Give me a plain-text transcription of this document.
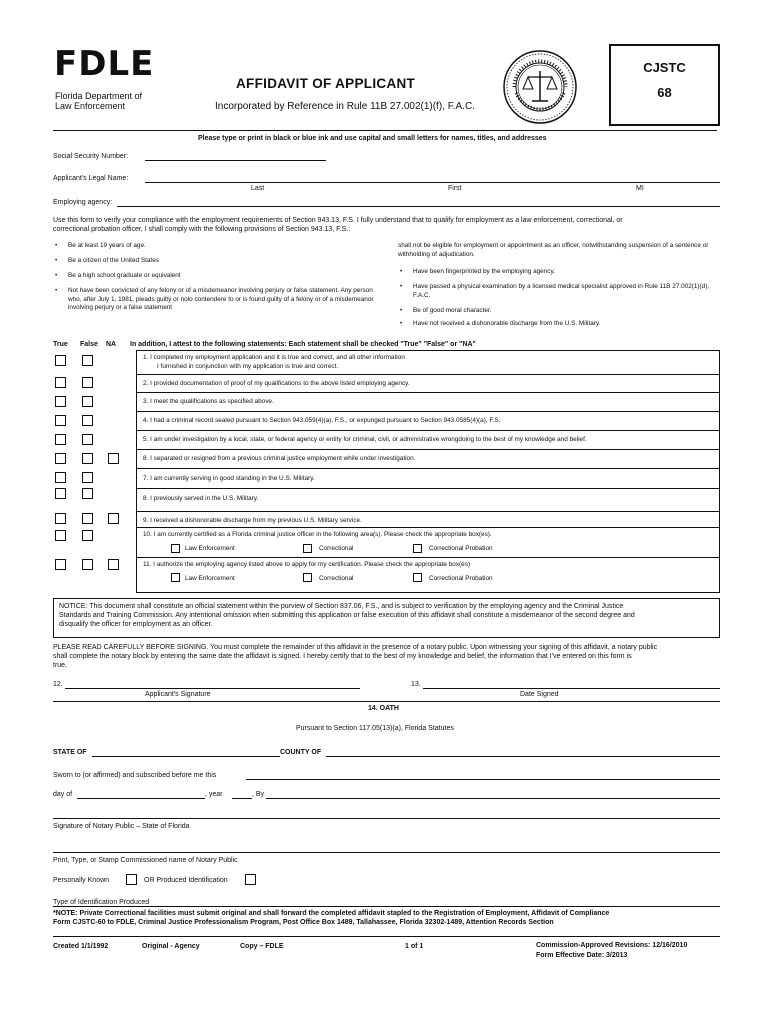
FDLE
Florida Department of
Law Enforcement
AFFIDAVIT OF APPLICANT
Incorporated by Reference in Rule 11B 27.002(1)(f), F.A.C.
CJSTC
68
Please type or print in black or blue ink and use capital and small letters for names, titles, and addresses
Social Security Number:
Applicant's Legal Name:
Last	First	MI
Employing agency:
Use this form to verify your compliance with the employment requirements of Section 943.13, F.S. I fully understand that to qualify for employment as a law enforcement, correctional, or
correctional probation officer, I shall comply with the following provisions of Section 943.13, F.S.:
• Be at least 19 years of age.
• Be a citizen of the United States
• Be a high school graduate or equivalent
• Not have been convicted of any felony or of a misdemeanor involving perjury or false statement. Any person who, after July 1, 1981, pleads guilty or nolo contendere to or is found guilty of a felony or of a misdemeanor involving perjury or a false statement
shall not be eligible for employment or appointment as an officer, notwithstanding suspension of a sentence or withholding of adjudication.
• Have been fingerprinted by the employing agency.
• Have passed a physical examination by a licensed medical specialist approved in Rule 11B 27.002(1)(d), F.A.C.
• Be of good moral character.
• Have not received a dishonorable discharge from the U.S. Military.
True False NA In addition, I attest to the following statements: Each statement shall be checked "True" "False" or "NA"
1. I completed my employment application and it is true and correct, and all other information
I furnished in conjunction with my application is true and correct.
2. I provided documentation of proof of my qualifications to the above listed employing agency.
3. I meet the qualifications as specified above.
4. I had a criminal record sealed pursuant to Section 943.059(4)(a), F.S., or expunged pursuant to Section 943.0585(4)(a), F.S.
5. I am under investigation by a local, state, or federal agency or entity for criminal, civil, or administrative wrongdoing to the best of my knowledge and belief.
8. I separated or resigned from a previous criminal justice employment while under investigation.
7. I am currently serving in good standing in the U.S. Military.
8. I previously served in the U.S. Military.
9. I received a dishonorable discharge from my previous U.S. Military service.
10. I am currently certified as a Florida criminal justice officer in the following area(s). Please check the appropriate box(es).
Law Enforcement	Correctional	Correctional Probation
11. I authorize the employing agency listed above to apply for my certification. Please check the appropriate box(es)
Law Enforcement	Correctional	Correctional Probation
NOTICE: This document shall constitute an official statement within the purview of Section 837.06, F.S., and is subject to verification by the employing agency and the Criminal Justice
Standards and Training Commission. Any intentional omission when submitting this application or false execution of this affidavit shall constitute a misdemeanor of the second degree and
disqualify the officer for employment as an officer.
PLEASE READ CAREFULLY BEFORE SIGNING. You must complete the remainder of this affidavit in the presence of a notary public. Upon witnessing your signing of this affidavit, a notary public
shall complete the notary block by entering the same date the affidavit is signed. I hereby certify that to the best of my knowledge and belief, the information that I've entered on this form is
true.
12.
Applicant's Signature
13.
Date Signed
14. OATH
Pursuant to Section 117.05(13)(a), Florida Statutes
STATE OF	COUNTY OF
Sworn to (or affirmed) and subscribed before me this
day of	, year	, By
Signature of Notary Public – State of Florida
Print, Type, or Stamp Commissioned name of Notary Public
Personally Known	OR Produced Identification
Type of Identification Produced
*NOTE: Private Correctional facilities must submit original and shall forward the completed affidavit stapled to the Registration of Employment, Affidavit of Compliance
Form CJSTC-60 to FDLE, Criminal Justice Professionalism Program, Post Office Box 1489, Tallahassee, Florida 32302-1489, Attention Records Section
Created 1/1/1992	Original - Agency	Copy – FDLE	1 of 1	Commission-Approved Revisions: 12/16/2010
Form Effective Date: 3/2013
